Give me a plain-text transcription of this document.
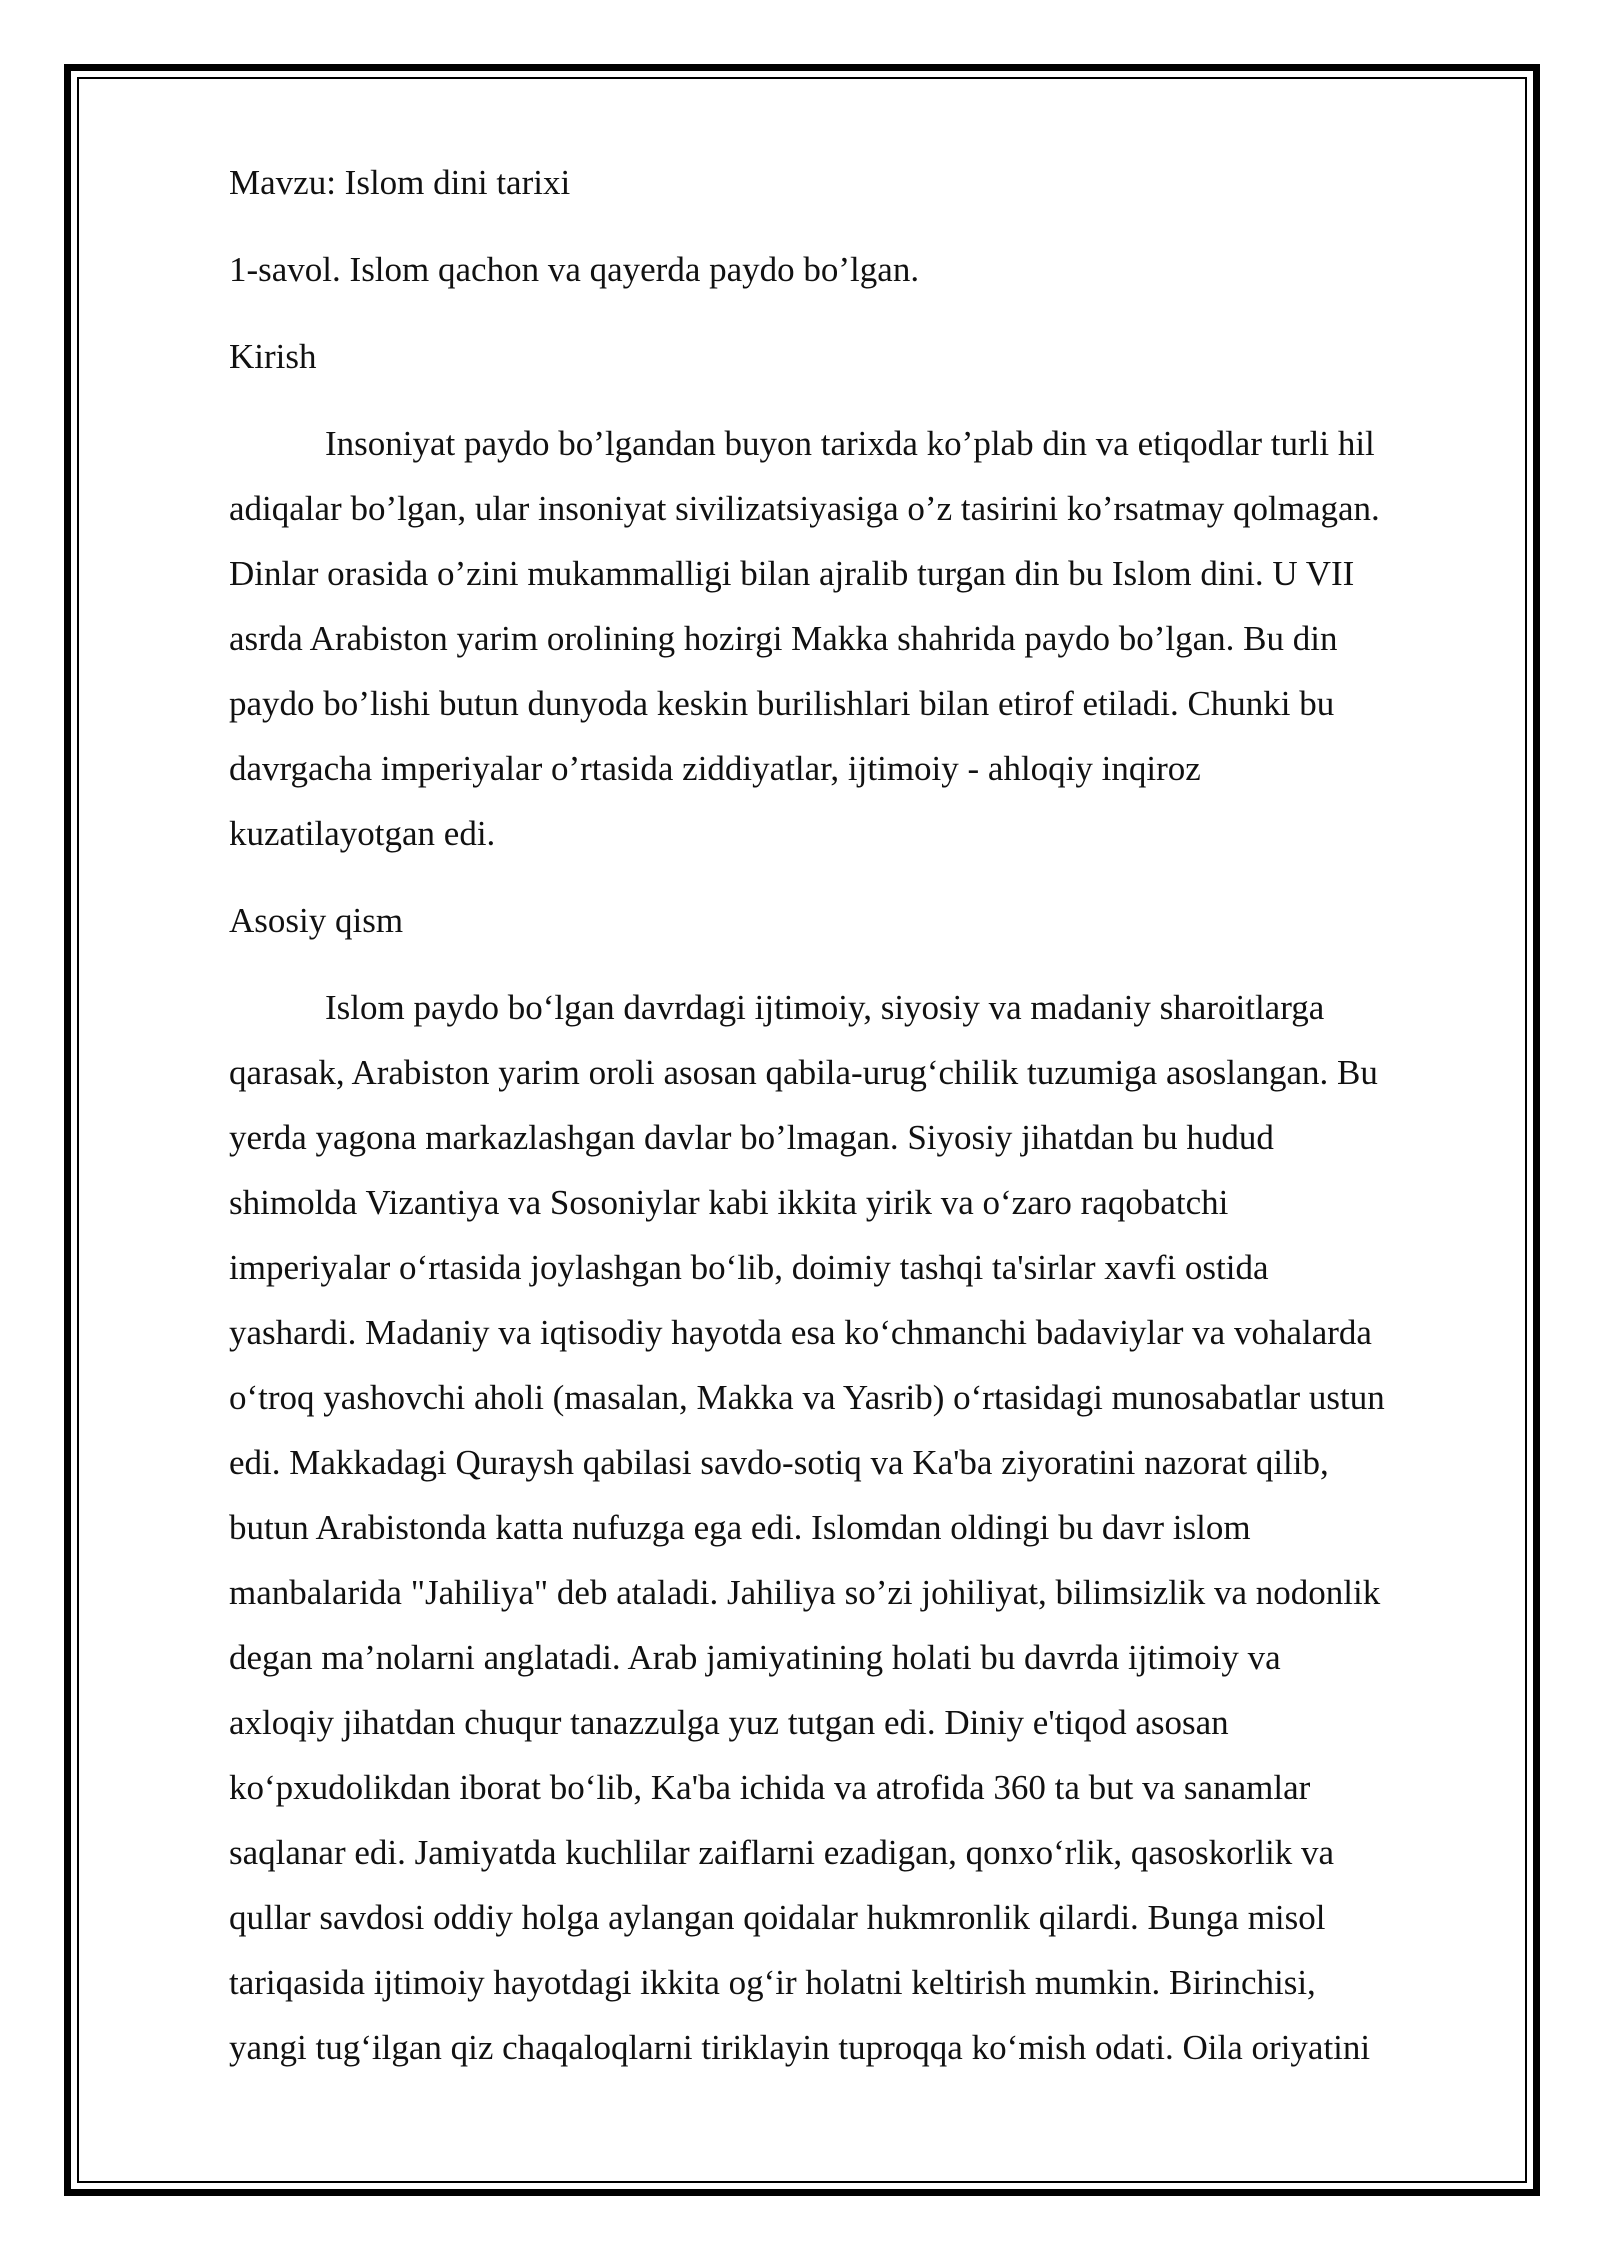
Mavzu: Islom dini tarixi
1-savol. Islom qachon va qayerda paydo bo’lgan.
Kirish
Insoniyat paydo bo’lgandan buyon tarixda ko’plab din va etiqodlar turli hil
adiqalar bo’lgan, ular insoniyat sivilizatsiyasiga o’z tasirini ko’rsatmay qolmagan.
Dinlar orasida o’zini mukammalligi bilan ajralib turgan din bu Islom dini. U VII
asrda Arabiston yarim orolining hozirgi Makka shahrida paydo bo’lgan. Bu din
paydo bo’lishi butun dunyoda keskin burilishlari bilan etirof etiladi. Chunki bu
davrgacha imperiyalar o’rtasida ziddiyatlar, ijtimoiy - ahloqiy inqiroz
kuzatilayotgan edi.
Asosiy qism
Islom paydo bo‘lgan davrdagi ijtimoiy, siyosiy va madaniy sharoitlarga
qarasak, Arabiston yarim oroli asosan qabila-urug‘chilik tuzumiga asoslangan. Bu
yerda yagona markazlashgan davlar bo’lmagan. Siyosiy jihatdan bu hudud
shimolda Vizantiya va Sosoniylar kabi ikkita yirik va o‘zaro raqobatchi
imperiyalar o‘rtasida joylashgan bo‘lib, doimiy tashqi ta'sirlar xavfi ostida
yashardi. Madaniy va iqtisodiy hayotda esa ko‘chmanchi badaviylar va vohalarda
o‘troq yashovchi aholi (masalan, Makka va Yasrib) o‘rtasidagi munosabatlar ustun
edi. Makkadagi Quraysh qabilasi savdo-sotiq va Ka'ba ziyoratini nazorat qilib,
butun Arabistonda katta nufuzga ega edi. Islomdan oldingi bu davr islom
manbalarida "Jahiliya" deb ataladi. Jahiliya so’zi johiliyat, bilimsizlik va nodonlik
degan ma’nolarni anglatadi. Arab jamiyatining holati bu davrda ijtimoiy va
axloqiy jihatdan chuqur tanazzulga yuz tutgan edi. Diniy e'tiqod asosan
ko‘pxudolikdan iborat bo‘lib, Ka'ba ichida va atrofida 360 ta but va sanamlar
saqlanar edi. Jamiyatda kuchlilar zaiflarni ezadigan, qonxo‘rlik, qasoskorlik va
qullar savdosi oddiy holga aylangan qoidalar hukmronlik qilardi. Bunga misol
tariqasida ijtimoiy hayotdagi ikkita og‘ir holatni keltirish mumkin. Birinchisi,
yangi tug‘ilgan qiz chaqaloqlarni tiriklayin tuproqqa ko‘mish odati. Oila oriyatini
